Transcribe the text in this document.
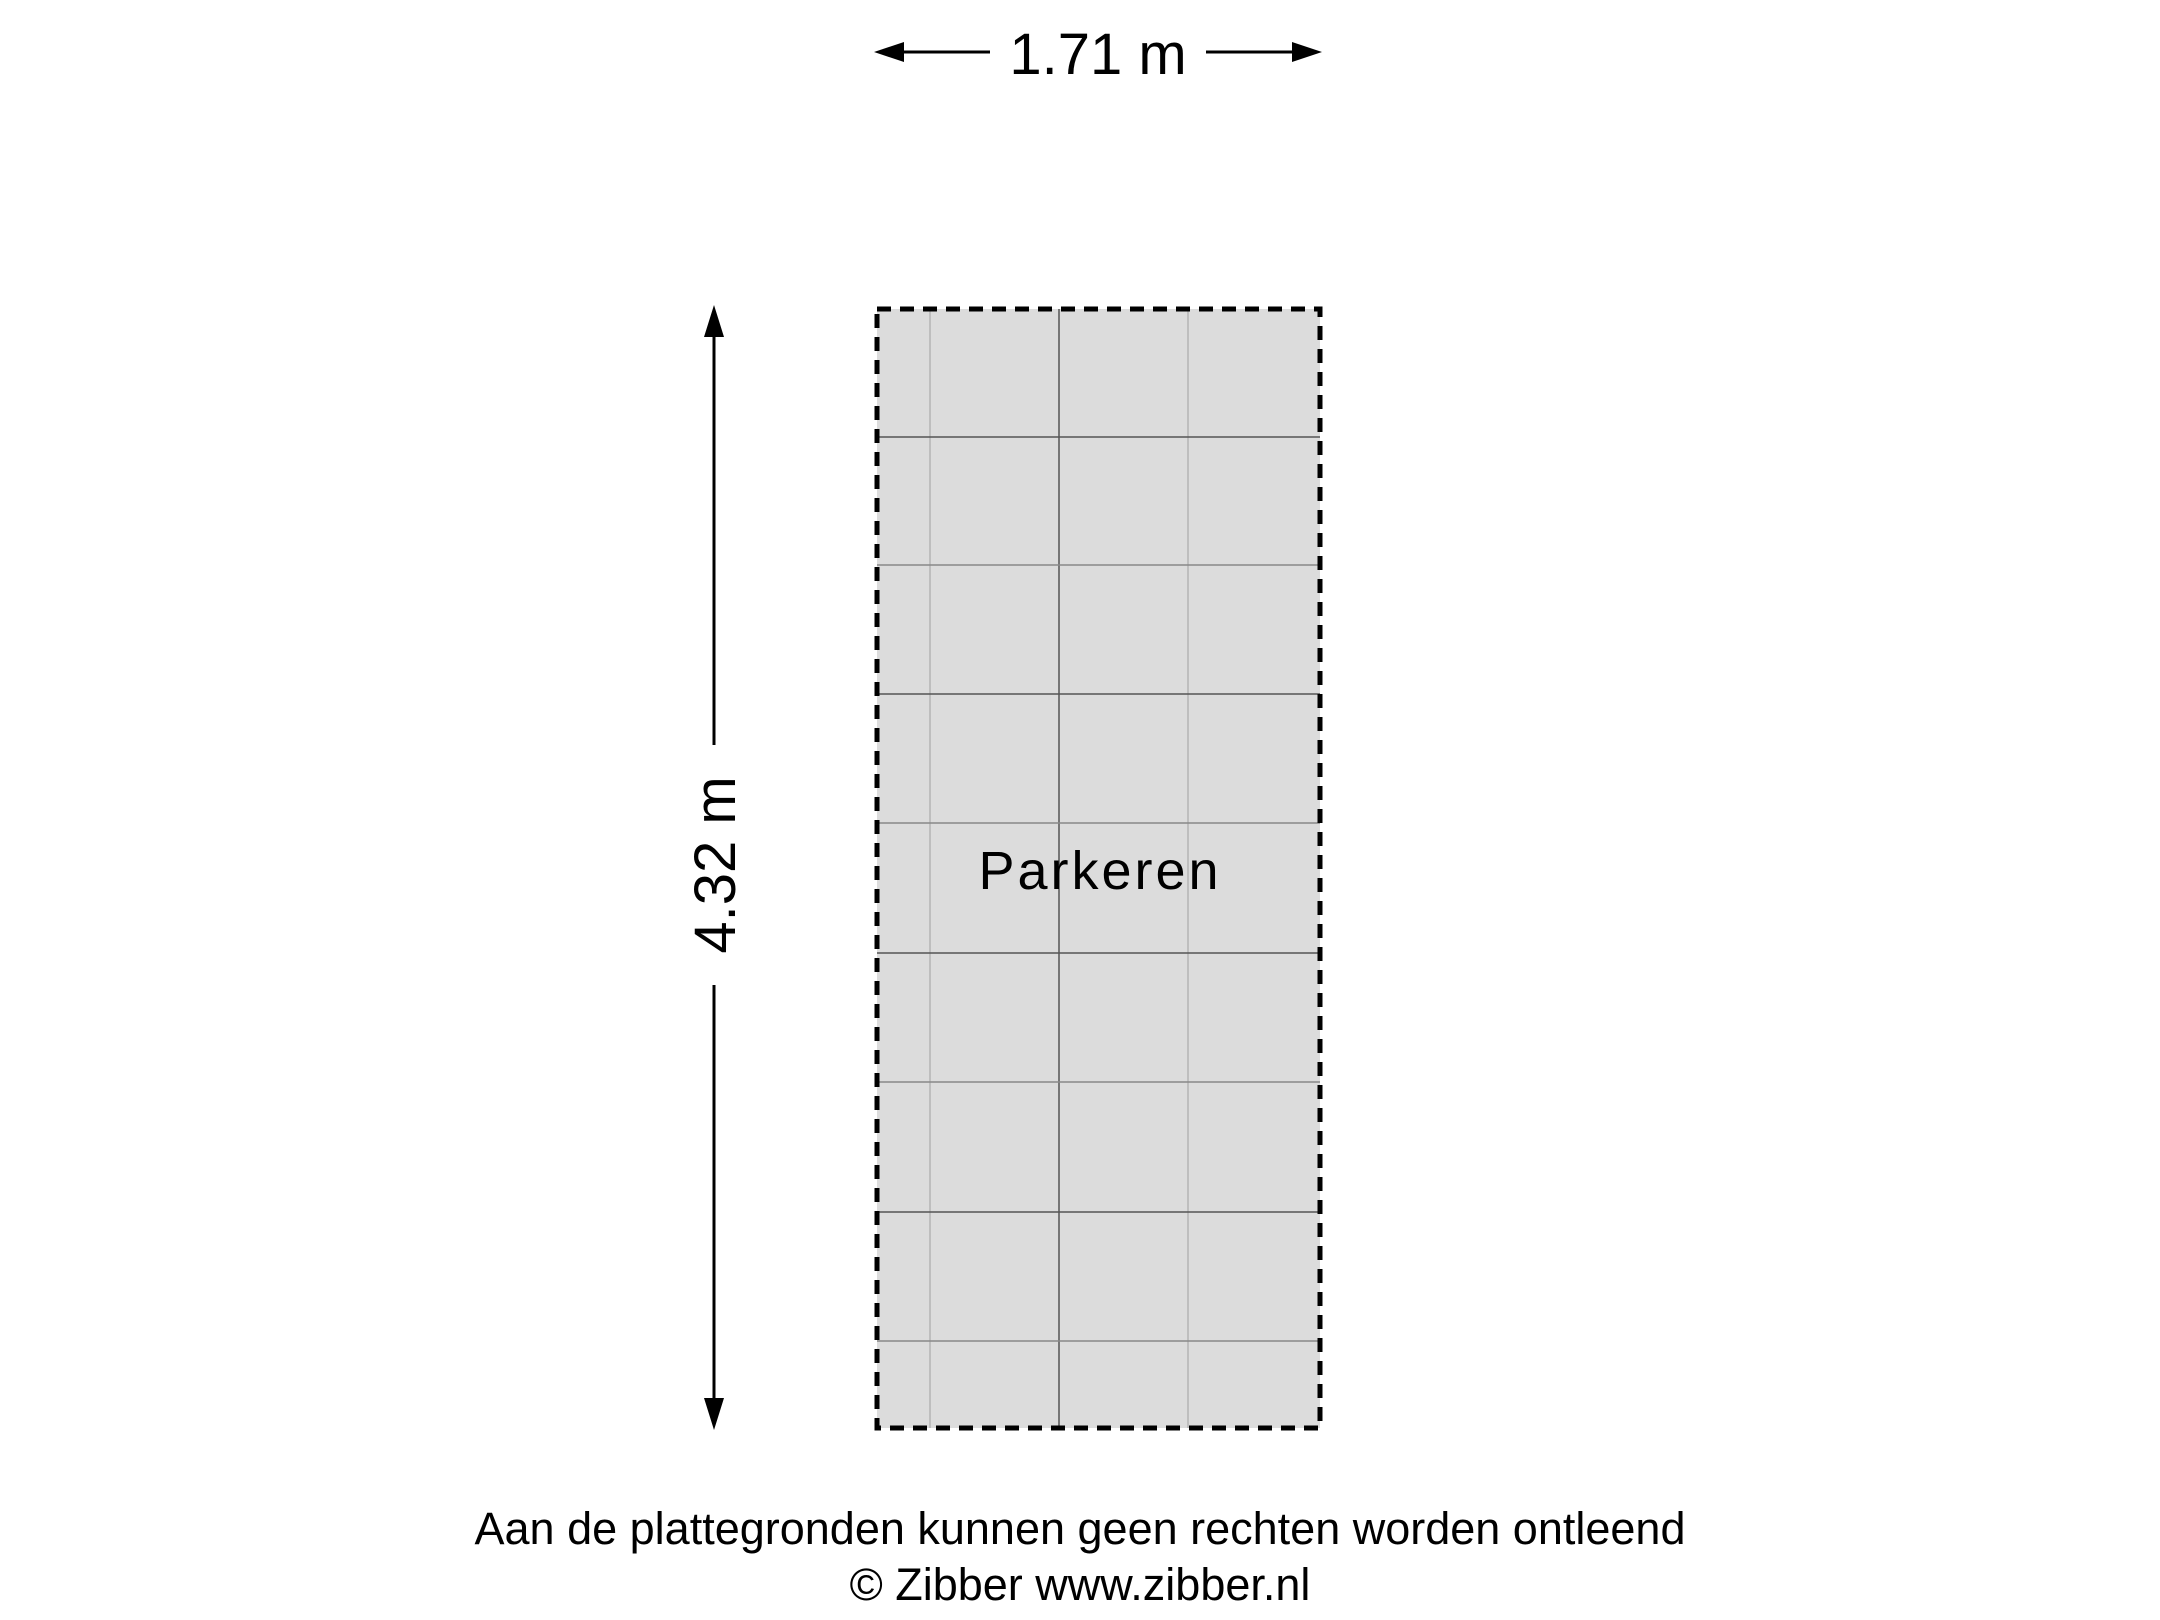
1.71 m
4.32 m	Parkeren
Aan de plattegronden kunnen geen rechten worden ontleend
© Zibber www.zibber.nl
